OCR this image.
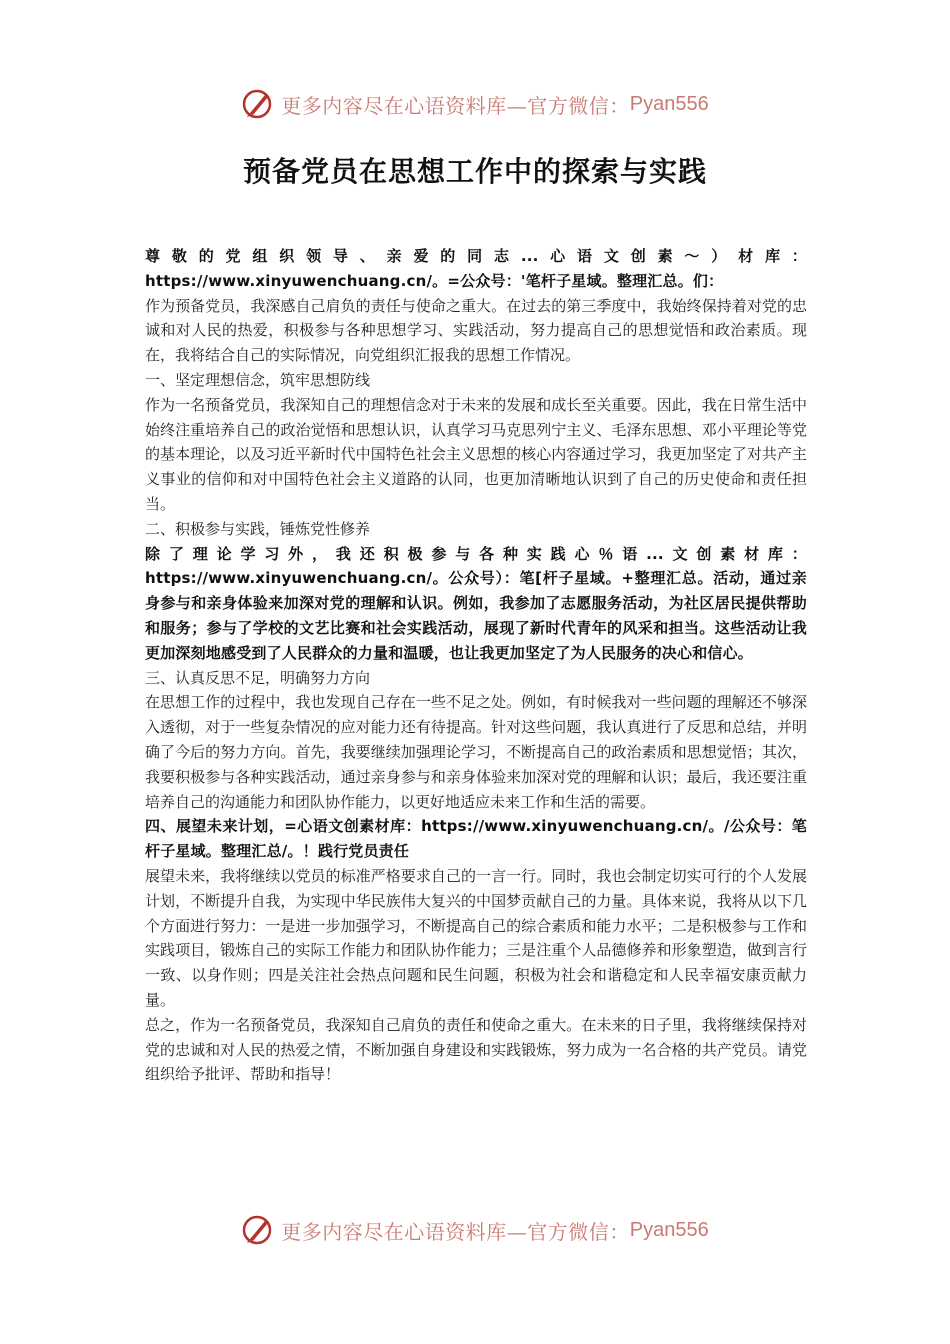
更多内容尽在心语资料库—官方微信： Pyan556
预备党员在思想工作中的探索与实践

尊敬的党组织领导、亲爱的同志...心语文创素～）材库：https://www.xinyuwenchuang.cn/。=公众号：'笔杆子星域。整理汇总。们：

作为预备党员，我深感自己肩负的责任与使命之重大。在过去的第三季度中，我始终保持着对党的忠诚和对人民的热爱，积极参与各种思想学习、实践活动，努力提高自己的思想觉悟和政治素质。现在，我将结合自己的实际情况，向党组织汇报我的思想工作情况。

一、坚定理想信念，筑牢思想防线

作为一名预备党员，我深知自己的理想信念对于未来的发展和成长至关重要。因此，我在日常生活中始终注重培养自己的政治觉悟和思想认识，认真学习马克思列宁主义、毛泽东思想、邓小平理论等党的基本理论，以及习近平新时代中国特色社会主义思想的核心内容通过学习，我更加坚定了对共产主义事业的信仰和对中国特色社会主义道路的认同，也更加清晰地认识到了自己的历史使命和责任担当。

二、积极参与实践，锤炼党性修养

除了理论学习外，我还积极参与各种实践心％语...文创素材库：https://www.xinyuwenchuang.cn/。公众号）：笔[杆子星域。+整理汇总。活动，通过亲身参与和亲身体验来加深对党的理解和认识。例如，我参加了志愿服务活动，为社区居民提供帮助和服务；参与了学校的文艺比赛和社会实践活动，展现了新时代青年的风采和担当。这些活动让我更加深刻地感受到了人民群众的力量和温暖，也让我更加坚定了为人民服务的决心和信心。

三、认真反思不足，明确努力方向

在思想工作的过程中，我也发现自己存在一些不足之处。例如，有时候我对一些问题的理解还不够深入透彻，对于一些复杂情况的应对能力还有待提高。针对这些问题，我认真进行了反思和总结，并明确了今后的努力方向。首先，我要继续加强理论学习，不断提高自己的政治素质和思想觉悟；其次，我要积极参与各种实践活动，通过亲身参与和亲身体验来加深对党的理解和认识；最后，我还要注重培养自己的沟通能力和团队协作能力，以更好地适应未来工作和生活的需要。

四、展望未来计划，=心语文创素材库：https://www.xinyuwenchuang.cn/。/公众号：笔杆子星域。整理汇总/。！践行党员责任

展望未来，我将继续以党员的标准严格要求自己的一言一行。同时，我也会制定切实可行的个人发展计划，不断提升自我，为实现中华民族伟大复兴的中国梦贡献自己的力量。具体来说，我将从以下几个方面进行努力：一是进一步加强学习，不断提高自己的综合素质和能力水平；二是积极参与工作和实践项目，锻炼自己的实际工作能力和团队协作能力；三是注重个人品德修养和形象塑造，做到言行一致、以身作则；四是关注社会热点问题和民生问题，积极为社会和谐稳定和人民幸福安康贡献力量。

总之，作为一名预备党员，我深知自己肩负的责任和使命之重大。在未来的日子里，我将继续保持对党的忠诚和对人民的热爱之情，不断加强自身建设和实践锻炼，努力成为一名合格的共产党员。请党组织给予批评、帮助和指导！

更多内容尽在心语资料库—官方微信： Pyan556
